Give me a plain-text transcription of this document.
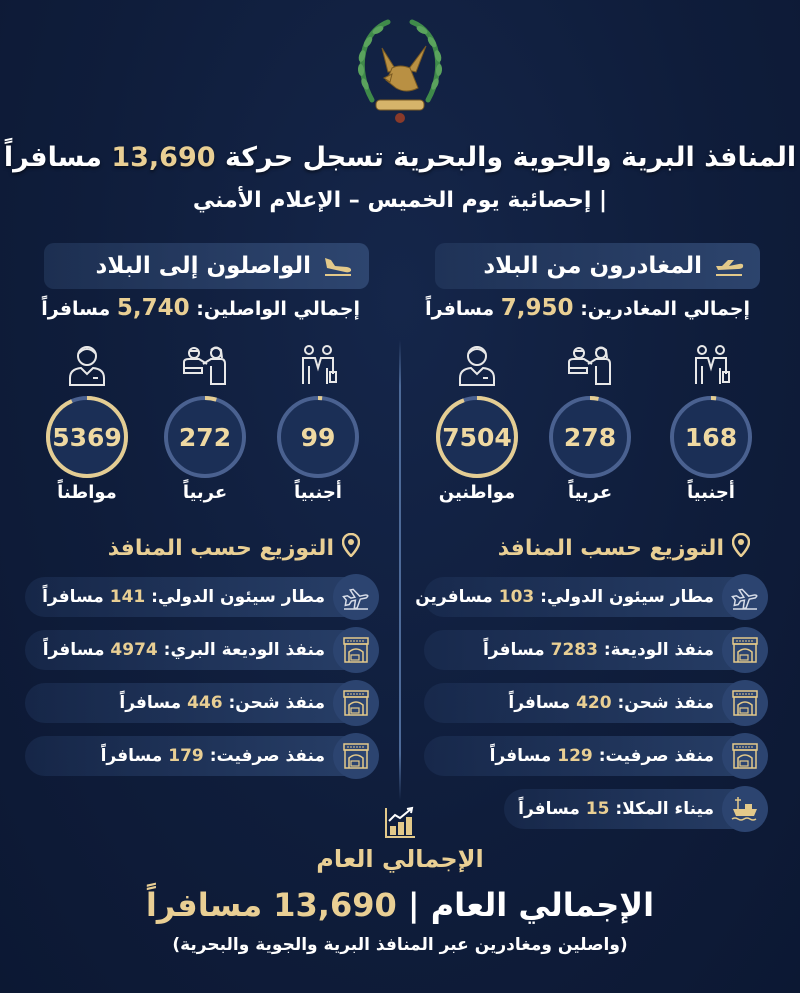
المنافذ البرية والجوية والبحرية تسجل حركة 13,690 مسافراً
| إحصائية يوم الخميس – الإعلام الأمني
المغادرون من البلاد
الواصلون إلى البلاد
إجمالي المغادرين: 7,950 مسافراً
إجمالي الواصلين: 5,740 مسافراً
7504
مواطنين
278
عربياً
168
أجنبياً
5369
مواطناً
272
عربياً
99
أجنبياً
التوزيع حسب المنافذ
التوزيع حسب المنافذ
مطار سيئون الدولي: 103 مسافرين
منفذ الوديعة: 7283 مسافراً
منفذ شحن: 420 مسافراً
منفذ صرفيت: 129 مسافراً
ميناء المكلا: 15 مسافراً
مطار سيئون الدولي: 141 مسافراً
منفذ الوديعة البري: 4974 مسافراً
منفذ شحن: 446 مسافراً
منفذ صرفيت: 179 مسافراً
الإجمالي العام
الإجمالي العام | 13,690 مسافراً
(واصلين ومغادرين عبر المنافذ البرية والجوية والبحرية)
